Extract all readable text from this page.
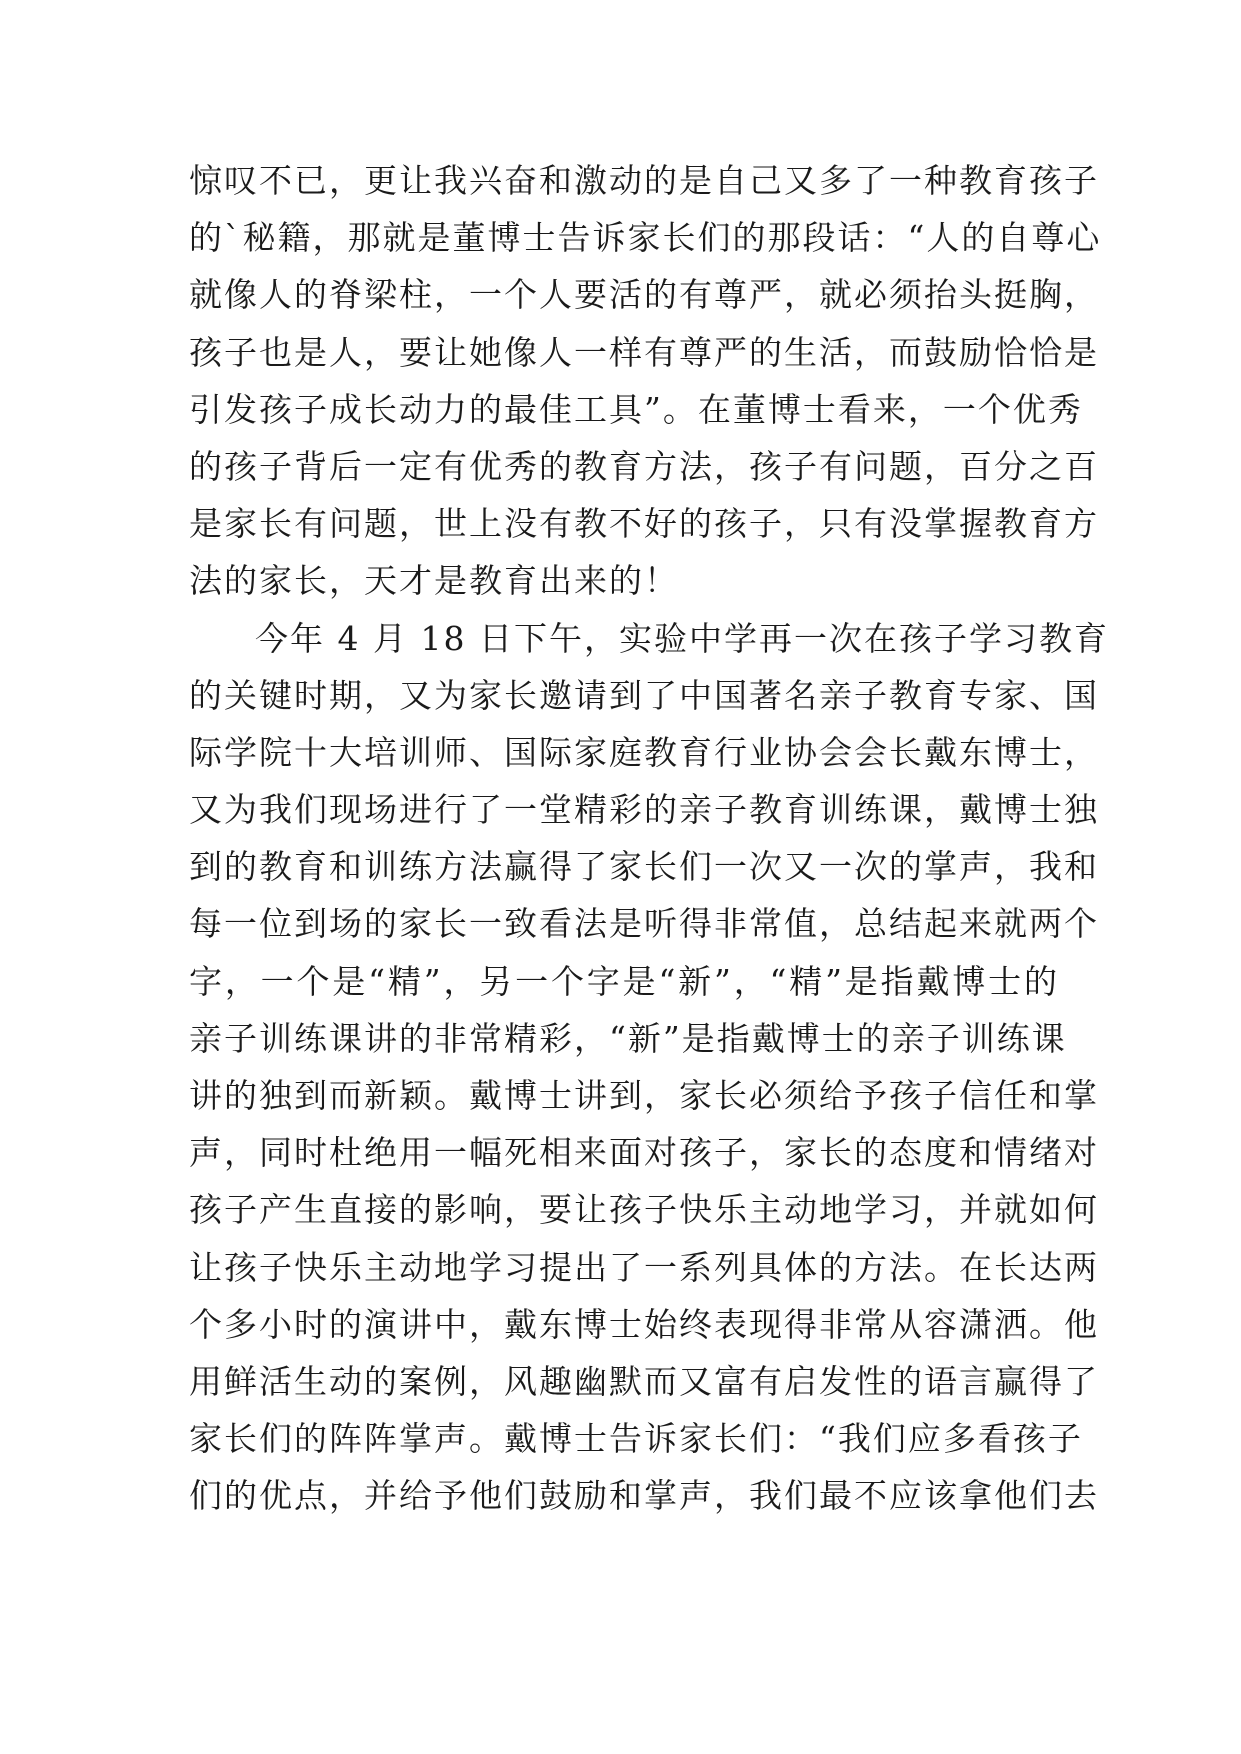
惊叹不已，更让我兴奋和激动的是自己又多了一种教育孩子
的`秘籍，那就是董博士告诉家长们的那段话：“人的自尊心
就像人的脊梁柱，一个人要活的有尊严，就必须抬头挺胸，
孩子也是人，要让她像人一样有尊严的生活，而鼓励恰恰是
引发孩子成长动力的最佳工具”。在董博士看来，一个优秀
的孩子背后一定有优秀的教育方法，孩子有问题，百分之百
是家长有问题，世上没有教不好的孩子，只有没掌握教育方
法的家长，天才是教育出来的！
今年 4 月 18 日下午，实验中学再一次在孩子学习教育
的关键时期，又为家长邀请到了中国著名亲子教育专家、国
际学院十大培训师、国际家庭教育行业协会会长戴东博士，
又为我们现场进行了一堂精彩的亲子教育训练课，戴博士独
到的教育和训练方法赢得了家长们一次又一次的掌声，我和
每一位到场的家长一致看法是听得非常值，总结起来就两个
字，一个是“精”，另一个字是“新”，“精”是指戴博士的
亲子训练课讲的非常精彩，“新”是指戴博士的亲子训练课
讲的独到而新颖。戴博士讲到，家长必须给予孩子信任和掌
声，同时杜绝用一幅死相来面对孩子，家长的态度和情绪对
孩子产生直接的影响，要让孩子快乐主动地学习，并就如何
让孩子快乐主动地学习提出了一系列具体的方法。在长达两
个多小时的演讲中，戴东博士始终表现得非常从容潇洒。他
用鲜活生动的案例，风趣幽默而又富有启发性的语言赢得了
家长们的阵阵掌声。戴博士告诉家长们：“我们应多看孩子
们的优点，并给予他们鼓励和掌声，我们最不应该拿他们去
